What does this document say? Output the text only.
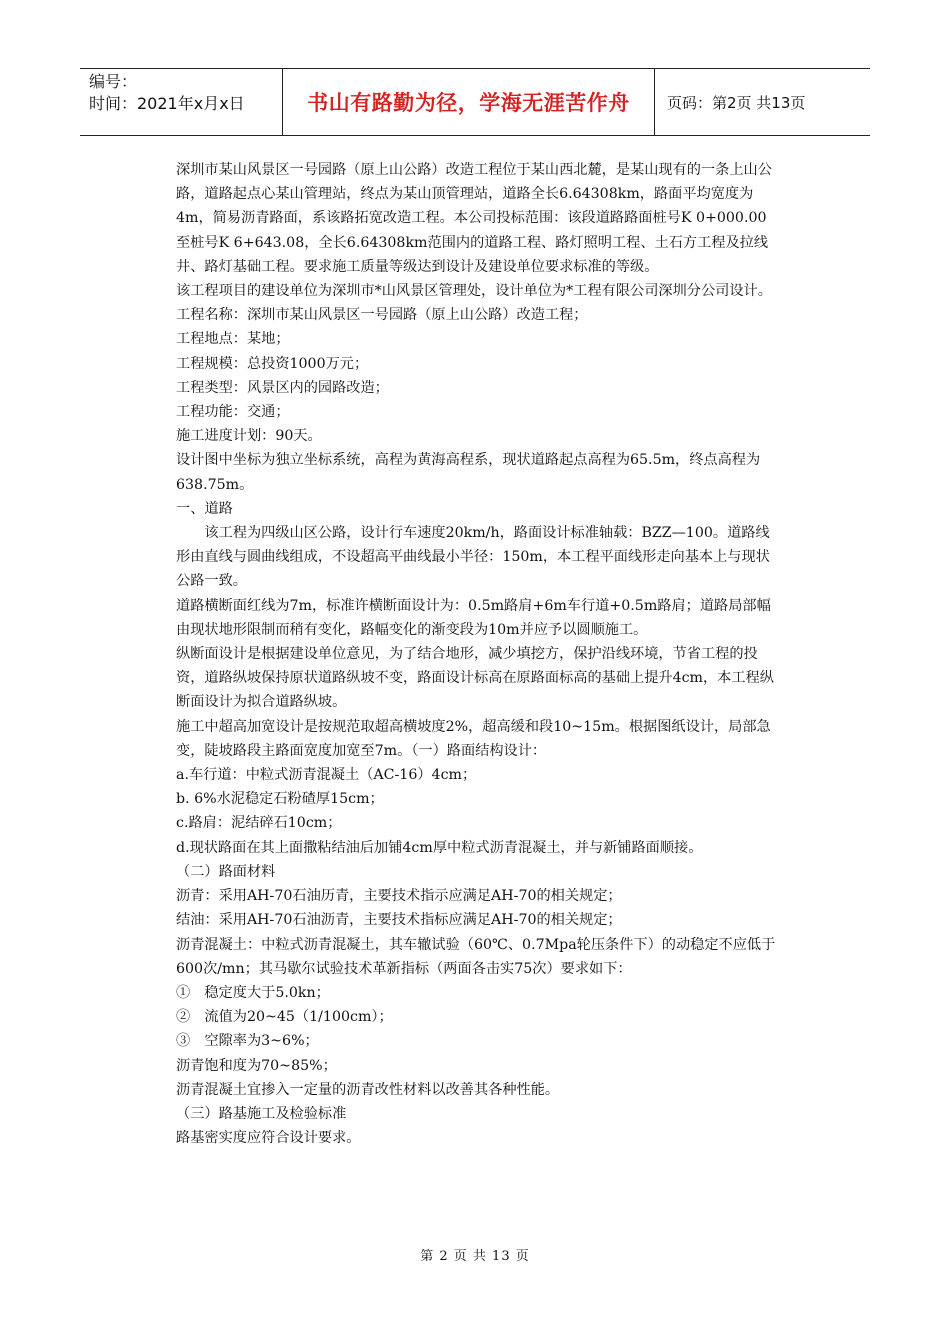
编号：
时间：2021年x月x日	书山有路勤为径，学海无涯苦作舟	页码：第2页 共13页

深圳市某山风景区一号园路（原上山公路）改造工程位于某山西北麓，是某山现有的一条上山公路，道路起点心某山管理站，终点为某山顶管理站，道路全长6.64308km，路面平均宽度为4m，简易沥青路面，系该路拓宽改造工程。本公司投标范围：该段道路路面桩号K 0+000.00至桩号K 6+643.08，全长6.64308km范围内的道路工程、路灯照明工程、土石方工程及拉线井、路灯基础工程。要求施工质量等级达到设计及建设单位要求标准的等级。

该工程项目的建设单位为深圳市*山风景区管理处，设计单位为*工程有限公司深圳分公司设计。

工程名称：深圳市某山风景区一号园路（原上山公路）改造工程；

工程地点：某地；

工程规模：总投资1000万元；

工程类型：风景区内的园路改造；

工程功能：交通；

施工进度计划：90天。

设计图中坐标为独立坐标系统，高程为黄海高程系，现状道路起点高程为65.5m，终点高程为638.75m。

一、道路

该工程为四级山区公路，设计行车速度20km/h，路面设计标准轴载：BZZ—100。道路线形由直线与圆曲线组成，不设超高平曲线最小半径：150m，本工程平面线形走向基本上与现状公路一致。

道路横断面红线为7m，标准许横断面设计为：0.5m路肩+6m车行道+0.5m路肩；道路局部幅由现状地形限制而稍有变化，路幅变化的渐变段为10m并应予以圆顺施工。

纵断面设计是根据建设单位意见，为了结合地形，减少填挖方，保护沿线环境，节省工程的投资，道路纵坡保持原状道路纵坡不变，路面设计标高在原路面标高的基础上提升4cm，本工程纵断面设计为拟合道路纵坡。

施工中超高加宽设计是按规范取超高横坡度2%，超高缓和段10~15m。根据图纸设计，局部急变，陡坡路段主路面宽度加宽至7m。（一）路面结构设计：

a.车行道：中粒式沥青混凝土（AC-16）4cm；

b. 6%水泥稳定石粉碴厚15cm；

c.路肩：泥结碎石10cm；

d.现状路面在其上面撒粘结油后加铺4cm厚中粒式沥青混凝土，并与新铺路面顺接。

（二）路面材料

沥青：采用AH-70石油历青，主要技术指示应满足AH-70的相关规定；

结油：采用AH-70石油沥青，主要技术指标应满足AH-70的相关规定；

沥青混凝土：中粒式沥青混凝土，其车辙试验（60℃、0.7Mpa轮压条件下）的动稳定不应低于600次/mn；其马歇尔试验技术革新指标（两面各击实75次）要求如下：

①　稳定度大于5.0kn；

②　流值为20~45（1/100cm）；

③　空隙率为3~6%；

沥青饱和度为70~85%；

沥青混凝土宜掺入一定量的沥青改性材料以改善其各种性能。

（三）路基施工及检验标准

路基密实度应符合设计要求。

第 2 页 共 13 页
